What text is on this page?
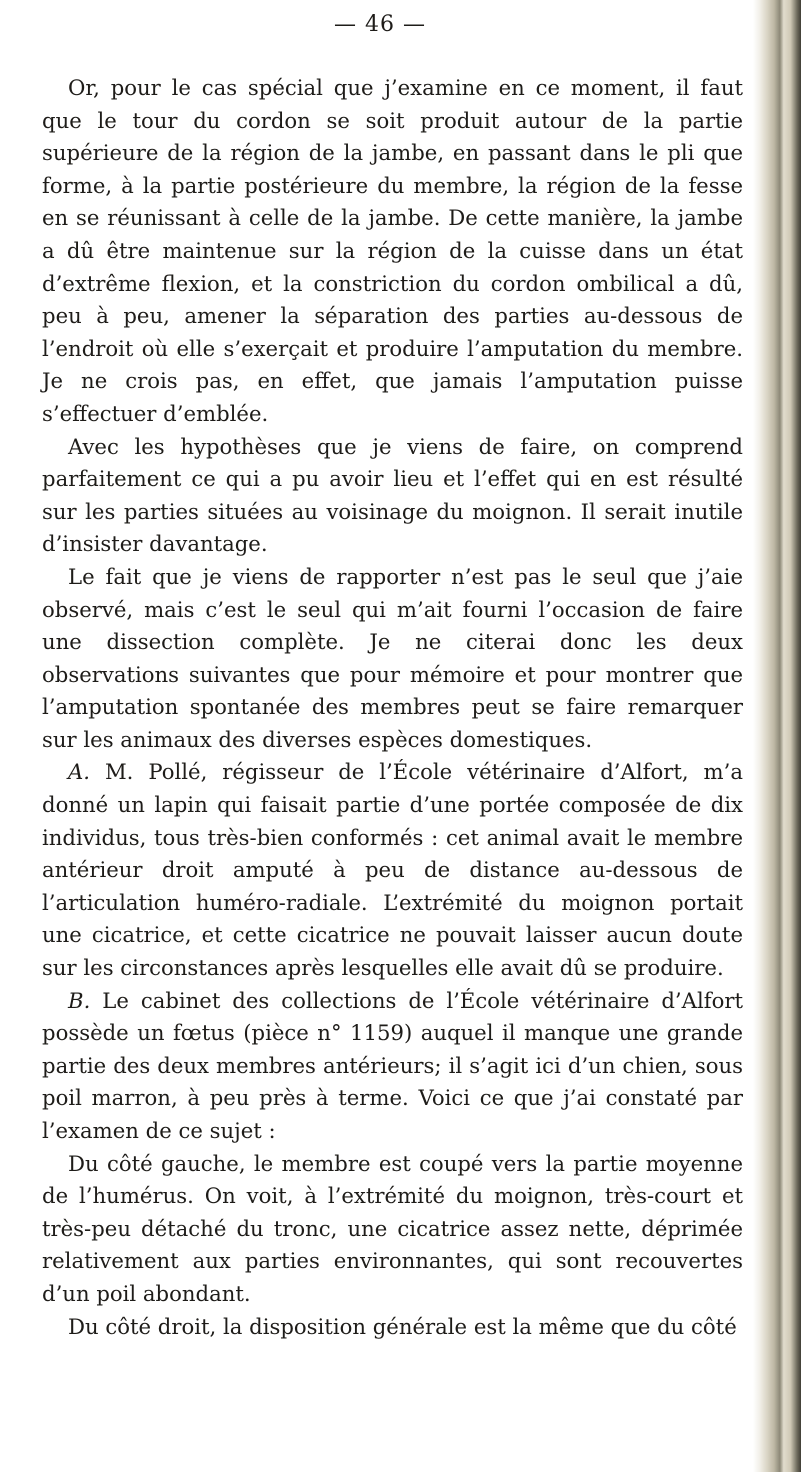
— 46 —

Or, pour le cas spécial que j’examine en ce moment, il faut que le tour du cordon se soit produit autour de la partie supérieure de la région de la jambe, en passant dans le pli que forme, à la partie postérieure du membre, la région de la fesse en se réunissant à celle de la jambe. De cette manière, la jambe a dû être maintenue sur la région de la cuisse dans un état d’extrême flexion, et la constriction du cordon ombilical a dû, peu à peu, amener la séparation des parties au-dessous de l’endroit où elle s’exerçait et produire l’amputation du membre. Je ne crois pas, en effet, que jamais l’amputation puisse s’effectuer d’emblée.

Avec les hypothèses que je viens de faire, on comprend parfaitement ce qui a pu avoir lieu et l’effet qui en est résulté sur les parties situées au voisinage du moignon. Il serait inutile d’insister davantage.

Le fait que je viens de rapporter n’est pas le seul que j’aie observé, mais c’est le seul qui m’ait fourni l’occasion de faire une dissection complète. Je ne citerai donc les deux observations suivantes que pour mémoire et pour montrer que l’amputation spontanée des membres peut se faire remarquer sur les animaux des diverses espèces domestiques.

A. M. Pollé, régisseur de l’École vétérinaire d’Alfort, m’a donné un lapin qui faisait partie d’une portée composée de dix individus, tous très-bien conformés : cet animal avait le membre antérieur droit amputé à peu de distance au-dessous de l’articulation huméro-radiale. L’extrémité du moignon portait une cicatrice, et cette cicatrice ne pouvait laisser aucun doute sur les circonstances après lesquelles elle avait dû se produire.

B. Le cabinet des collections de l’École vétérinaire d’Alfort possède un fœtus (pièce n° 1159) auquel il manque une grande partie des deux membres antérieurs; il s’agit ici d’un chien, sous poil marron, à peu près à terme. Voici ce que j’ai constaté par l’examen de ce sujet :

Du côté gauche, le membre est coupé vers la partie moyenne de l’humérus. On voit, à l’extrémité du moignon, très-court et très-peu détaché du tronc, une cicatrice assez nette, déprimée relativement aux parties environnantes, qui sont recouvertes d’un poil abondant.

Du côté droit, la disposition générale est la même que du côté
